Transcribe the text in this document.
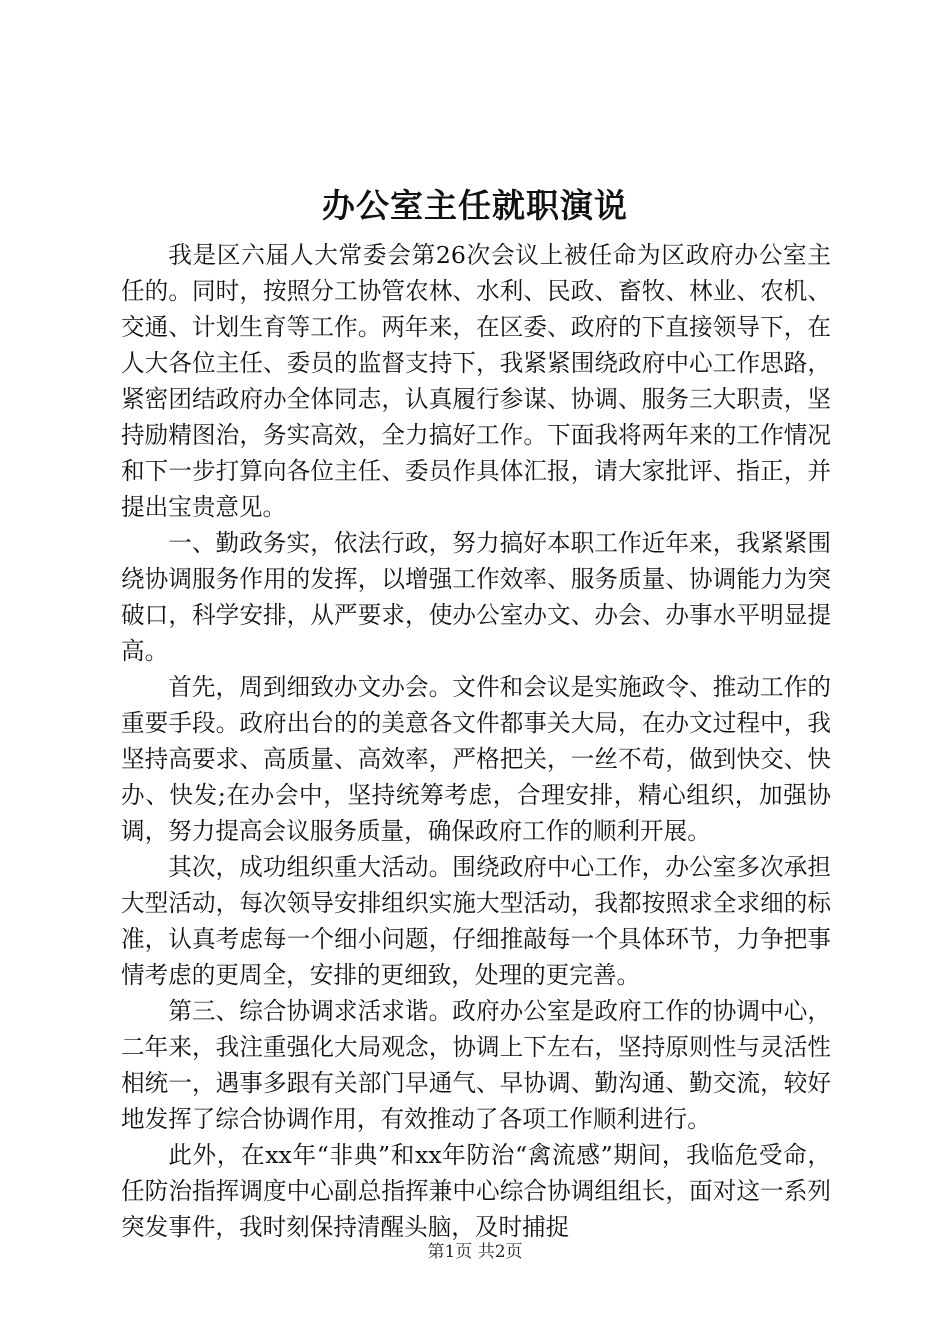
办公室主任就职演说

我是区六届人大常委会第26次会议上被任命为区政府办公室主任的。同时，按照分工协管农林、水利、民政、畜牧、林业、农机、交通、计划生育等工作。两年来，在区委、政府的下直接领导下，在人大各位主任、委员的监督支持下，我紧紧围绕政府中心工作思路，紧密团结政府办全体同志，认真履行参谋、协调、服务三大职责，坚持励精图治，务实高效，全力搞好工作。下面我将两年来的工作情况和下一步打算向各位主任、委员作具体汇报，请大家批评、指正，并提出宝贵意见。

一、勤政务实，依法行政，努力搞好本职工作近年来，我紧紧围绕协调服务作用的发挥，以增强工作效率、服务质量、协调能力为突破口，科学安排，从严要求，使办公室办文、办会、办事水平明显提高。

首先，周到细致办文办会。文件和会议是实施政令、推动工作的重要手段。政府出台的的美意各文件都事关大局，在办文过程中，我坚持高要求、高质量、高效率，严格把关，一丝不苟，做到快交、快办、快发;在办会中，坚持统筹考虑，合理安排，精心组织，加强协调，努力提高会议服务质量，确保政府工作的顺利开展。

其次，成功组织重大活动。围绕政府中心工作，办公室多次承担大型活动，每次领导安排组织实施大型活动，我都按照求全求细的标准，认真考虑每一个细小问题，仔细推敲每一个具体环节，力争把事情考虑的更周全，安排的更细致，处理的更完善。

第三、综合协调求活求谐。政府办公室是政府工作的协调中心，二年来，我注重强化大局观念，协调上下左右，坚持原则性与灵活性相统一，遇事多跟有关部门早通气、早协调、勤沟通、勤交流，较好地发挥了综合协调作用，有效推动了各项工作顺利进行。

此外，在xx年“非典”和xx年防治“禽流感”期间，我临危受命，任防治指挥调度中心副总指挥兼中心综合协调组组长，面对这一系列突发事件，我时刻保持清醒头脑，及时捕捉

第1页 共2页
